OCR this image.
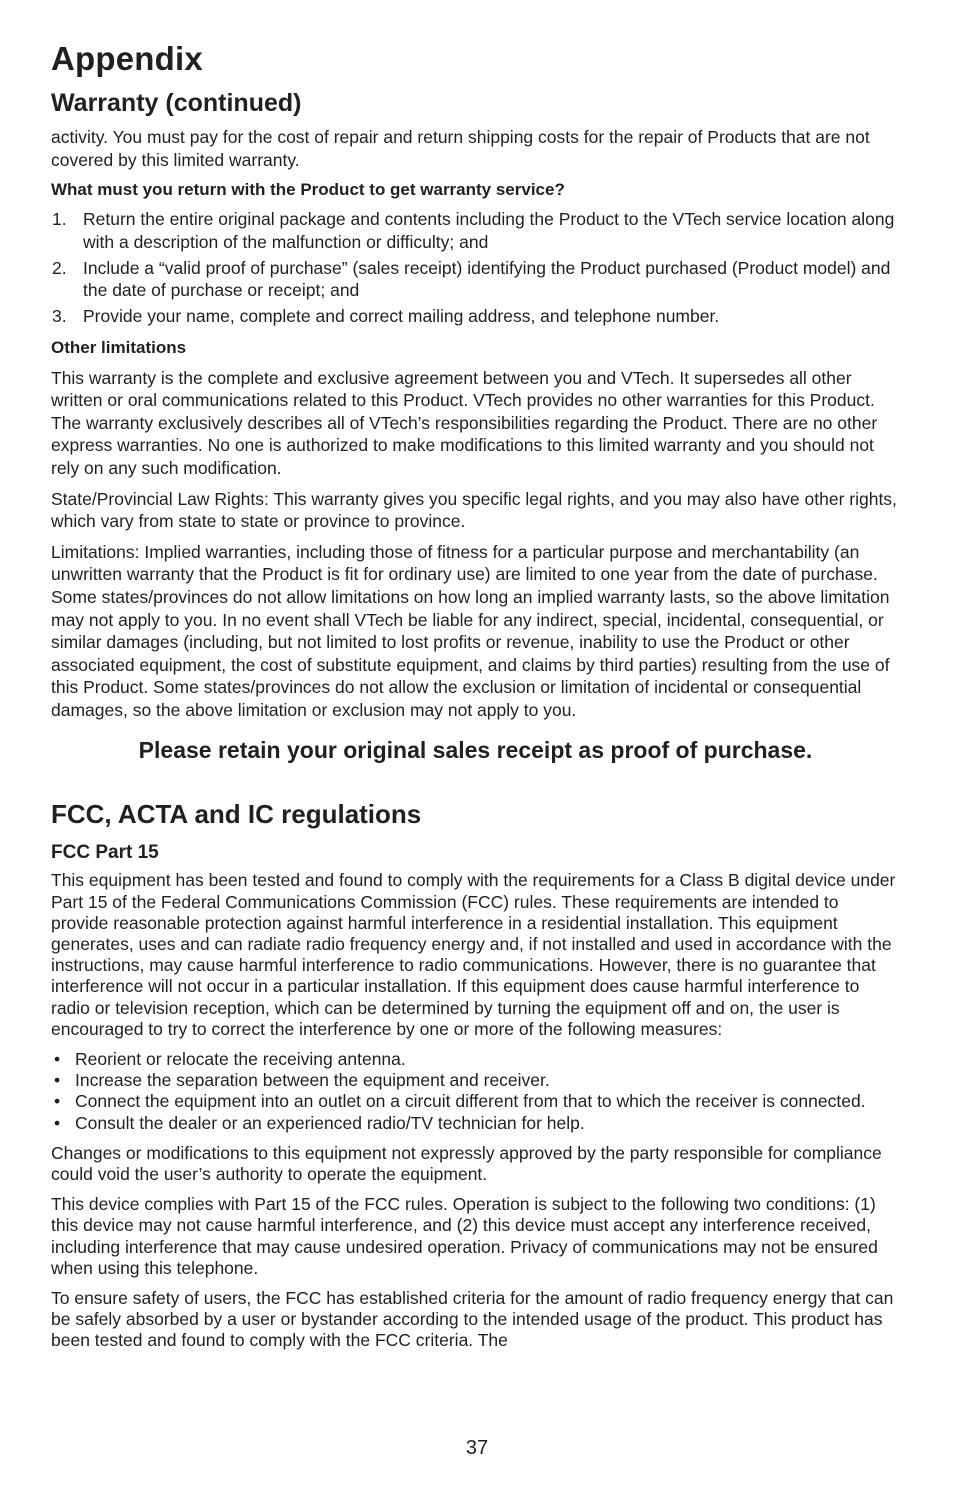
Appendix
Warranty (continued)

activity. You must pay for the cost of repair and return shipping costs for the repair of Products that are not covered by this limited warranty.

What must you return with the Product to get warranty service?
1. Return the entire original package and contents including the Product to the VTech service location along with a description of the malfunction or difficulty; and
2. Include a “valid proof of purchase” (sales receipt) identifying the Product purchased (Product model) and the date of purchase or receipt; and
3. Provide your name, complete and correct mailing address, and telephone number.
Other limitations

This warranty is the complete and exclusive agreement between you and VTech. It supersedes all other written or oral communications related to this Product. VTech provides no other warranties for this Product. The warranty exclusively describes all of VTech’s responsibilities regarding the Product. There are no other express warranties. No one is authorized to make modifications to this limited warranty and you should not rely on any such modification.

State/Provincial Law Rights: This warranty gives you specific legal rights, and you may also have other rights, which vary from state to state or province to province.

Limitations: Implied warranties, including those of fitness for a particular purpose and merchantability (an unwritten warranty that the Product is fit for ordinary use) are limited to one year from the date of purchase. Some states/provinces do not allow limitations on how long an implied warranty lasts, so the above limitation may not apply to you. In no event shall VTech be liable for any indirect, special, incidental, consequential, or similar damages (including, but not limited to lost profits or revenue, inability to use the Product or other associated equipment, the cost of substitute equipment, and claims by third parties) resulting from the use of this Product. Some states/provinces do not allow the exclusion or limitation of incidental or consequential damages, so the above limitation or exclusion may not apply to you.

Please retain your original sales receipt as proof of purchase.
FCC, ACTA and IC regulations
FCC Part 15

This equipment has been tested and found to comply with the requirements for a Class B digital device under Part 15 of the Federal Communications Commission (FCC) rules. These requirements are intended to provide reasonable protection against harmful interference in a residential installation. This equipment generates, uses and can radiate radio frequency energy and, if not installed and used in accordance with the instructions, may cause harmful interference to radio communications. However, there is no guarantee that interference will not occur in a particular installation. If this equipment does cause harmful interference to radio or television reception, which can be determined by turning the equipment off and on, the user is encouraged to try to correct the interference by one or more of the following measures:

• Reorient or relocate the receiving antenna.
• Increase the separation between the equipment and receiver.
• Connect the equipment into an outlet on a circuit different from that to which the receiver is connected.
• Consult the dealer or an experienced radio/TV technician for help.

Changes or modifications to this equipment not expressly approved by the party responsible for compliance could void the user’s authority to operate the equipment.

This device complies with Part 15 of the FCC rules. Operation is subject to the following two conditions: (1) this device may not cause harmful interference, and (2) this device must accept any interference received, including interference that may cause undesired operation. Privacy of communications may not be ensured when using this telephone.

To ensure safety of users, the FCC has established criteria for the amount of radio frequency energy that can be safely absorbed by a user or bystander according to the intended usage of the product. This product has been tested and found to comply with the FCC criteria. The

37
